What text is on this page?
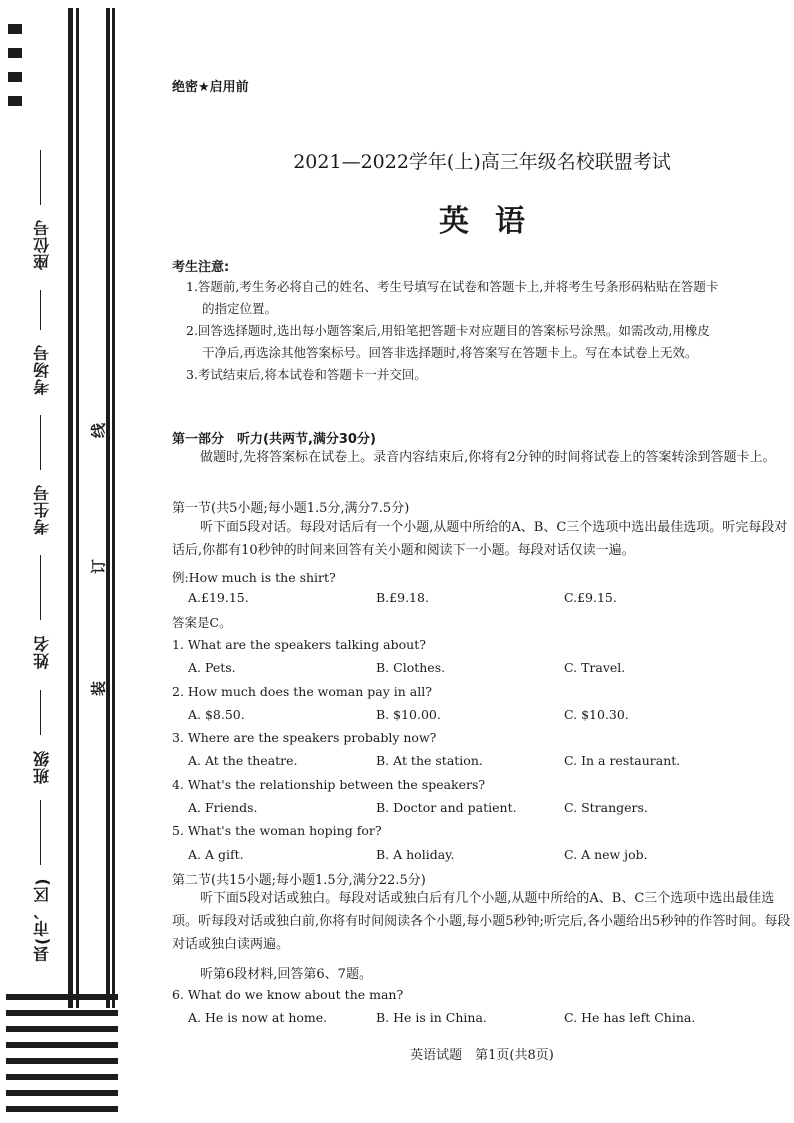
座位号
考场号
考生号
姓名
班级
县(市、区)
线
订
装
绝密★启用前
2021—2022学年(上)高三年级名校联盟考试
英语
考生注意:
1.答题前,考生务必将自己的姓名、考生号填写在试卷和答题卡上,并将考生号条形码粘贴在答题卡
的指定位置。
2.回答选择题时,选出每小题答案后,用铅笔把答题卡对应题目的答案标号涂黑。如需改动,用橡皮
干净后,再选涂其他答案标号。回答非选择题时,将答案写在答题卡上。写在本试卷上无效。
3.考试结束后,将本试卷和答题卡一并交回。
第一部分　听力(共两节,满分30分)
做题时,先将答案标在试卷上。录音内容结束后,你将有2分钟的时间将试卷上的答案转涂到答题卡上。
第一节(共5小题;每小题1.5分,满分7.5分)
听下面5段对话。每段对话后有一个小题,从题中所给的A、B、C三个选项中选出最佳选项。听完每段对话后,你都有10秒钟的时间来回答有关小题和阅读下一小题。每段对话仅读一遍。
例:How much is the shirt?
A.£19.15.	B.£9.18.	C.£9.15.
答案是C。
1. What are the speakers talking about?
A. Pets.	B. Clothes.	C. Travel.
2. How much does the woman pay in all?
A. $8.50.	B. $10.00.	C. $10.30.
3. Where are the speakers probably now?
A. At the theatre.	B. At the station.	C. In a restaurant.
4. What's the relationship between the speakers?
A. Friends.	B. Doctor and patient.	C. Strangers.
5. What's the woman hoping for?
A. A gift.	B. A holiday.	C. A new job.
第二节(共15小题;每小题1.5分,满分22.5分)
听下面5段对话或独白。每段对话或独白后有几个小题,从题中所给的A、B、C三个选项中选出最佳选项。听每段对话或独白前,你将有时间阅读各个小题,每小题5秒钟;听完后,各小题给出5秒钟的作答时间。每段对话或独白读两遍。
听第6段材料,回答第6、7题。
6. What do we know about the man?
A. He is now at home.	B. He is in China.	C. He has left China.
英语试题　第1页(共8页)
